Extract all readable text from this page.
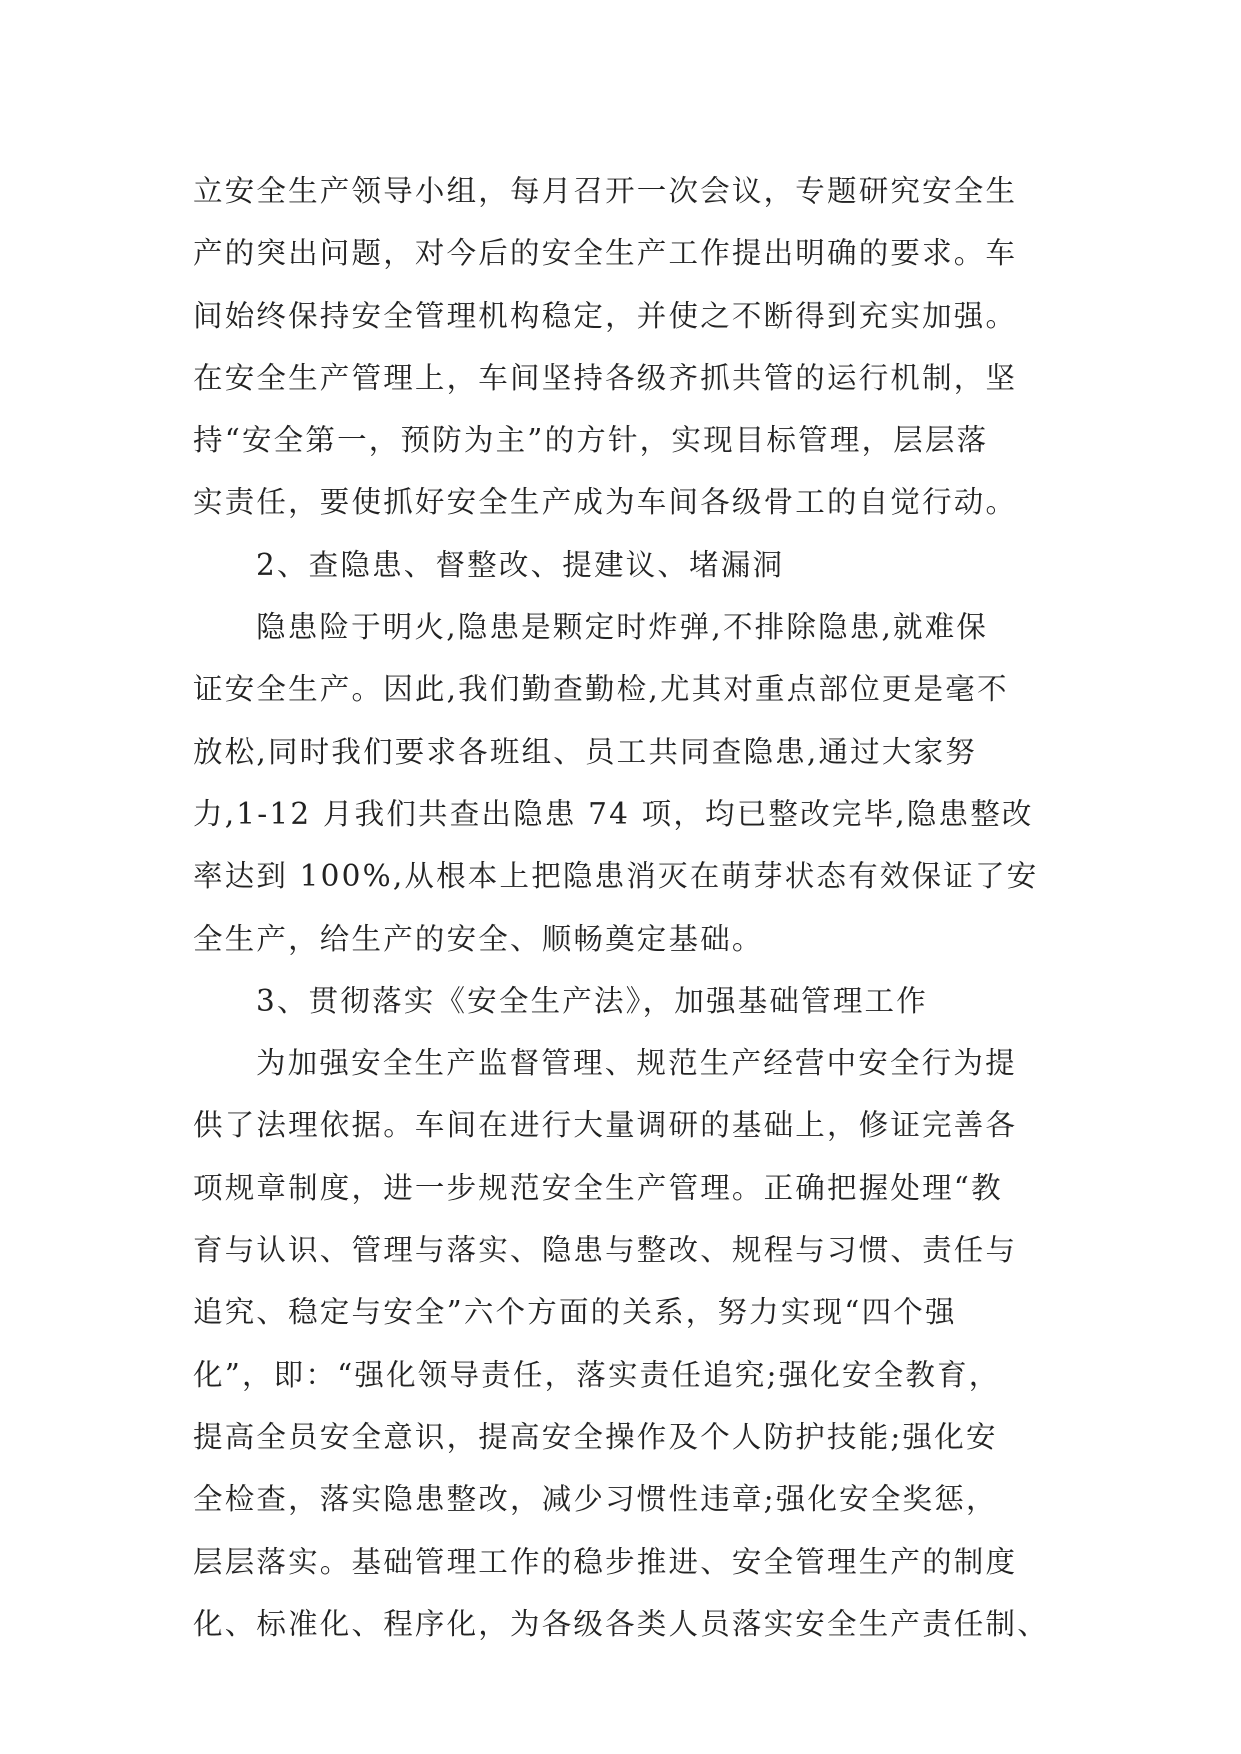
立安全生产领导小组，每月召开一次会议，专题研究安全生
产的突出问题，对今后的安全生产工作提出明确的要求。车
间始终保持安全管理机构稳定，并使之不断得到充实加强。
在安全生产管理上，车间坚持各级齐抓共管的运行机制，坚
持“安全第一，预防为主”的方针，实现目标管理，层层落
实责任，要使抓好安全生产成为车间各级骨工的自觉行动。
2、查隐患、督整改、提建议、堵漏洞
隐患险于明火,隐患是颗定时炸弹,不排除隐患,就难保
证安全生产。因此,我们勤查勤检,尤其对重点部位更是毫不
放松,同时我们要求各班组、员工共同查隐患,通过大家努
力,1-12 月我们共查出隐患 74 项，均已整改完毕,隐患整改
率达到 100%,从根本上把隐患消灭在萌芽状态有效保证了安
全生产，给生产的安全、顺畅奠定基础。
3、贯彻落实《安全生产法》，加强基础管理工作
为加强安全生产监督管理、规范生产经营中安全行为提
供了法理依据。车间在进行大量调研的基础上，修证完善各
项规章制度，进一步规范安全生产管理。正确把握处理“教
育与认识、管理与落实、隐患与整改、规程与习惯、责任与
追究、稳定与安全”六个方面的关系，努力实现“四个强
化”，即：“强化领导责任，落实责任追究;强化安全教育，
提高全员安全意识，提高安全操作及个人防护技能;强化安
全检查，落实隐患整改，减少习惯性违章;强化安全奖惩，
层层落实。基础管理工作的稳步推进、安全管理生产的制度
化、标准化、程序化，为各级各类人员落实安全生产责任制、
